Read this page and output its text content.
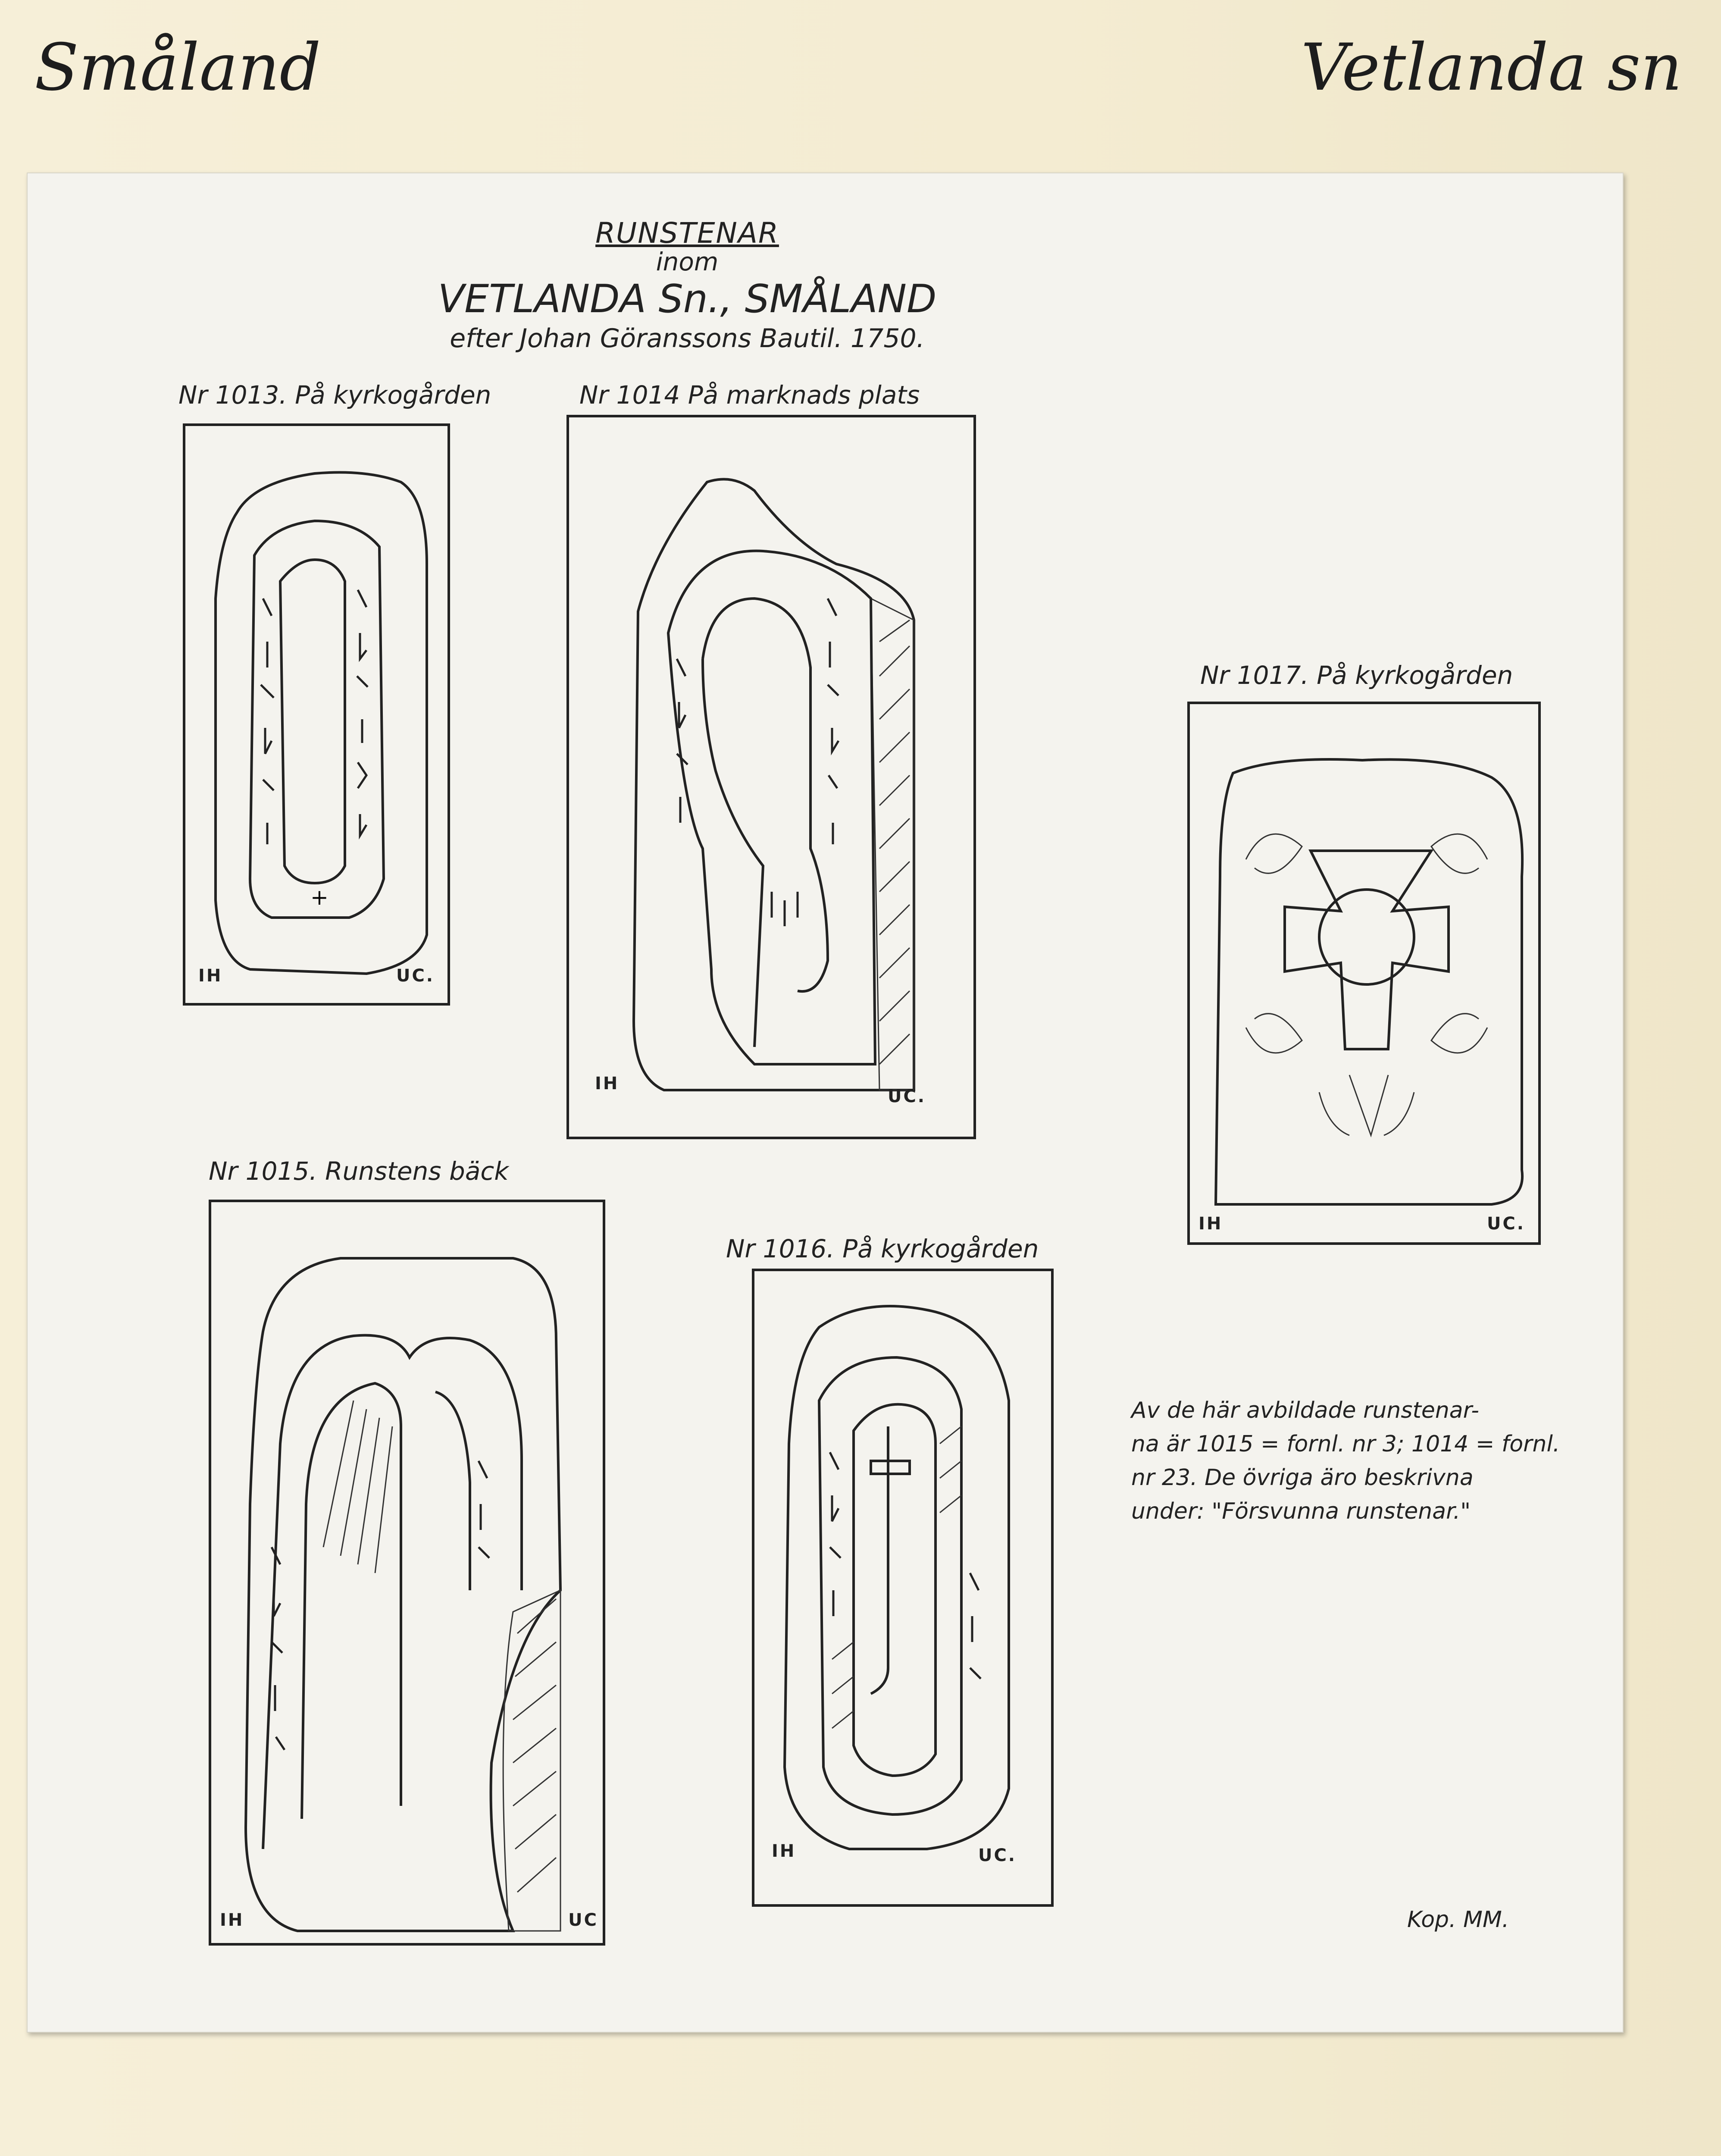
Småland	Vetlanda sn
RUNSTENAR
inom
VETLANDA Sn., SMÅLAND
efter Johan Göranssons Bautil. 1750.
Nr 1013. På kyrkogården
+
IH	UC.
Nr 1014 På marknads plats
IH
UC.
Nr 1017. På kyrkogården
IH	UC.
Nr 1015. Runstens bäck
IH	UC
Nr 1016. På kyrkogården
IH	UC.
Av de här avbildade runstenar-
na är 1015 = fornl. nr 3; 1014 = fornl.
nr 23. De övriga äro beskrivna
under: "Försvunna runstenar."
Kop. MM.
